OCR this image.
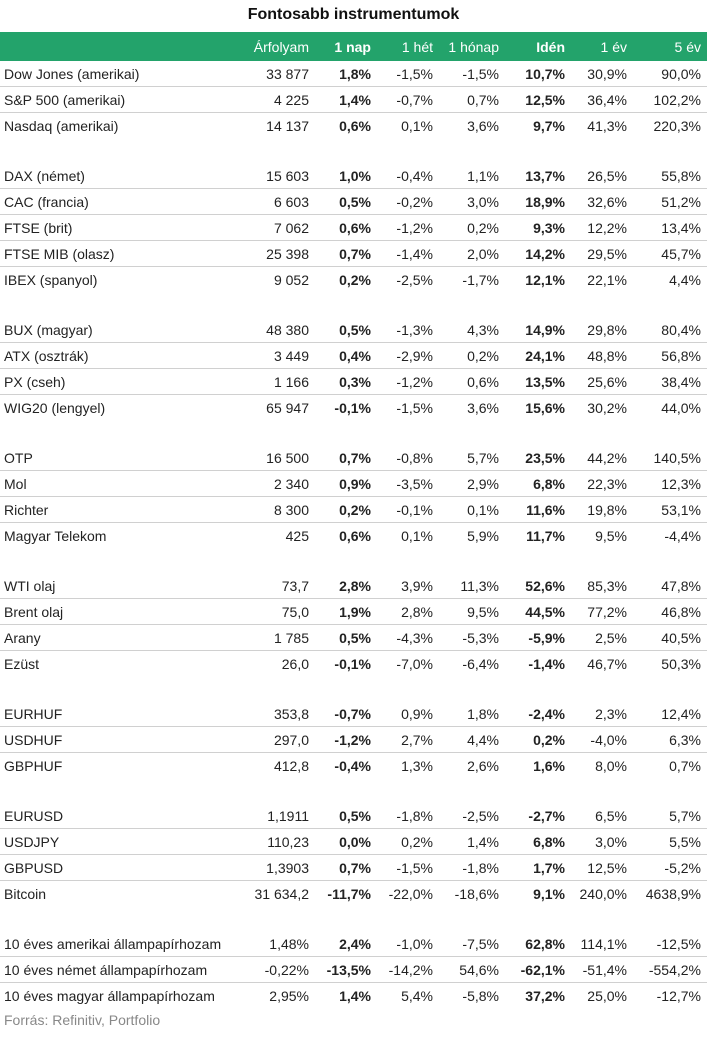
Fontosabb instrumentumok
	Árfolyam	1 nap	1 hét	1 hónap	Idén	1 év	5 év
Dow Jones (amerikai)	33 877	1,8%	-1,5%	-1,5%	10,7%	30,9%	90,0%
S&P 500 (amerikai)	4 225	1,4%	-0,7%	0,7%	12,5%	36,4%	102,2%
Nasdaq (amerikai)	14 137	0,6%	0,1%	3,6%	9,7%	41,3%	220,3%

DAX (német)	15 603	1,0%	-0,4%	1,1%	13,7%	26,5%	55,8%
CAC (francia)	6 603	0,5%	-0,2%	3,0%	18,9%	32,6%	51,2%
FTSE (brit)	7 062	0,6%	-1,2%	0,2%	9,3%	12,2%	13,4%
FTSE MIB (olasz)	25 398	0,7%	-1,4%	2,0%	14,2%	29,5%	45,7%
IBEX (spanyol)	9 052	0,2%	-2,5%	-1,7%	12,1%	22,1%	4,4%

BUX (magyar)	48 380	0,5%	-1,3%	4,3%	14,9%	29,8%	80,4%
ATX (osztrák)	3 449	0,4%	-2,9%	0,2%	24,1%	48,8%	56,8%
PX (cseh)	1 166	0,3%	-1,2%	0,6%	13,5%	25,6%	38,4%
WIG20 (lengyel)	65 947	-0,1%	-1,5%	3,6%	15,6%	30,2%	44,0%

OTP	16 500	0,7%	-0,8%	5,7%	23,5%	44,2%	140,5%
Mol	2 340	0,9%	-3,5%	2,9%	6,8%	22,3%	12,3%
Richter	8 300	0,2%	-0,1%	0,1%	11,6%	19,8%	53,1%
Magyar Telekom	425	0,6%	0,1%	5,9%	11,7%	9,5%	-4,4%

WTI olaj	73,7	2,8%	3,9%	11,3%	52,6%	85,3%	47,8%
Brent olaj	75,0	1,9%	2,8%	9,5%	44,5%	77,2%	46,8%
Arany	1 785	0,5%	-4,3%	-5,3%	-5,9%	2,5%	40,5%
Ezüst	26,0	-0,1%	-7,0%	-6,4%	-1,4%	46,7%	50,3%

EURHUF	353,8	-0,7%	0,9%	1,8%	-2,4%	2,3%	12,4%
USDHUF	297,0	-1,2%	2,7%	4,4%	0,2%	-4,0%	6,3%
GBPHUF	412,8	-0,4%	1,3%	2,6%	1,6%	8,0%	0,7%

EURUSD	1,1911	0,5%	-1,8%	-2,5%	-2,7%	6,5%	5,7%
USDJPY	110,23	0,0%	0,2%	1,4%	6,8%	3,0%	5,5%
GBPUSD	1,3903	0,7%	-1,5%	-1,8%	1,7%	12,5%	-5,2%
Bitcoin	31 634,2	-11,7%	-22,0%	-18,6%	9,1%	240,0%	4638,9%

10 éves amerikai állampapírhozam	1,48%	2,4%	-1,0%	-7,5%	62,8%	114,1%	-12,5%
10 éves német állampapírhozam	-0,22%	-13,5%	-14,2%	54,6%	-62,1%	-51,4%	-554,2%
10 éves magyar állampapírhozam	2,95%	1,4%	5,4%	-5,8%	37,2%	25,0%	-12,7%
Forrás: Refinitiv, Portfolio
